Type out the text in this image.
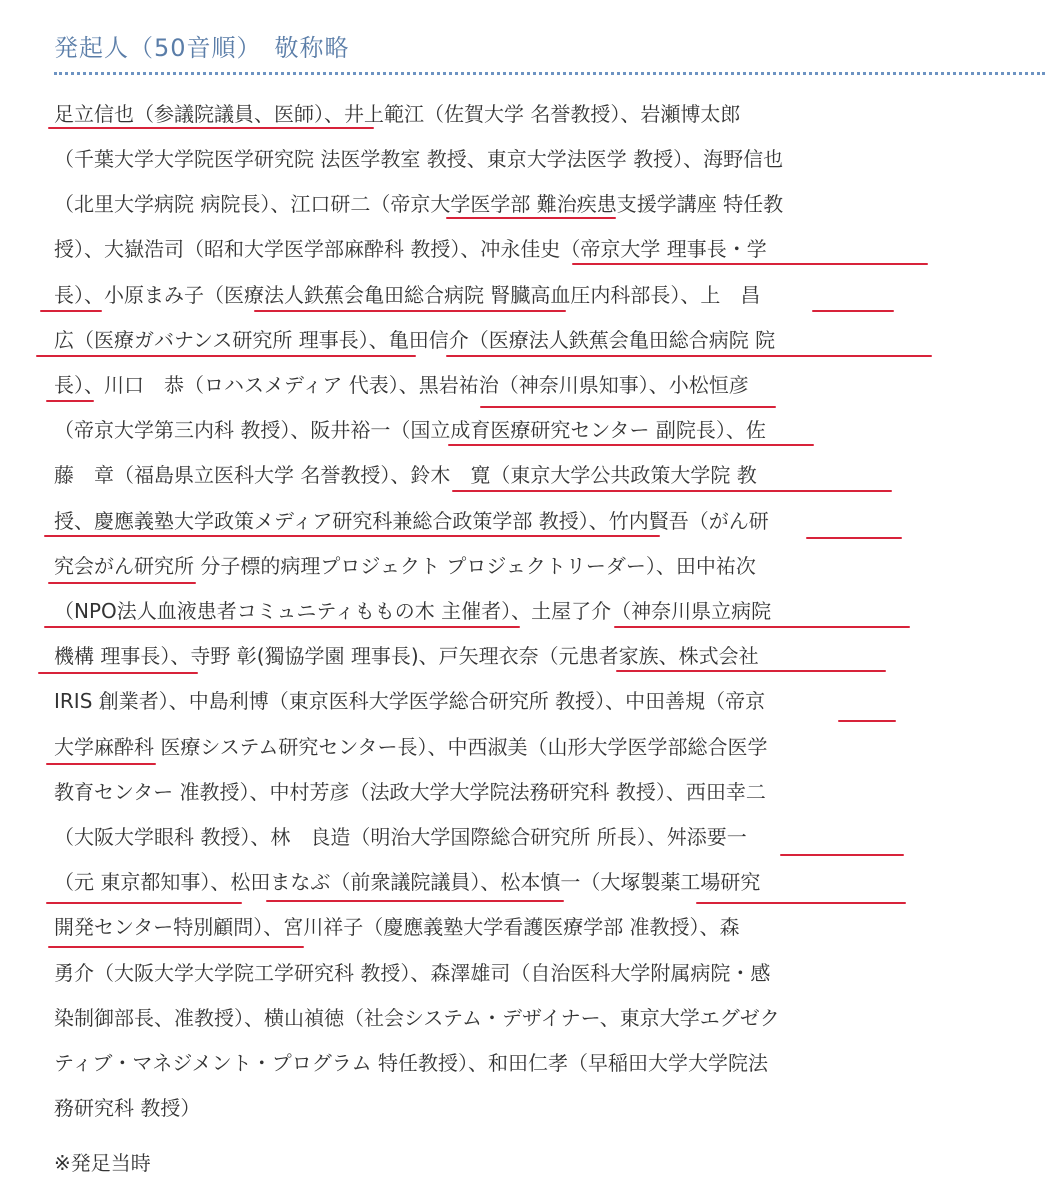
発起人（50音順）　敬称略
足立信也（参議院議員、医師）、井上範江（佐賀大学 名誉教授）、岩瀬博太郎
（千葉大学大学院医学研究院 法医学教室 教授、東京大学法医学 教授）、海野信也
（北里大学病院 病院長）、江口研二（帝京大学医学部 難治疾患支援学講座 特任教
授）、大嶽浩司（昭和大学医学部麻酔科 教授）、冲永佳史（帝京大学 理事長・学
長）、小原まみ子（医療法人鉄蕉会亀田総合病院 腎臓高血圧内科部長）、上　昌
広（医療ガバナンス研究所 理事長）、亀田信介（医療法人鉄蕉会亀田総合病院 院
長）、川口　恭（ロハスメディア 代表）、黒岩祐治（神奈川県知事）、小松恒彦
（帝京大学第三内科 教授）、阪井裕一（国立成育医療研究センター 副院長）、佐
藤　章（福島県立医科大学 名誉教授）、鈴木　寛（東京大学公共政策大学院 教
授、慶應義塾大学政策メディア研究科兼総合政策学部 教授）、竹内賢吾（がん研
究会がん研究所 分子標的病理プロジェクト プロジェクトリーダー）、田中祐次
（NPO法人血液患者コミュニティももの木 主催者）、土屋了介（神奈川県立病院
機構 理事長）、寺野 彰(獨協学園 理事長)、戸矢理衣奈（元患者家族、株式会社
IRIS 創業者）、中島利博（東京医科大学医学総合研究所 教授）、中田善規（帝京
大学麻酔科 医療システム研究センター長）、中西淑美（山形大学医学部総合医学
教育センター 准教授）、中村芳彦（法政大学大学院法務研究科 教授）、西田幸二
（大阪大学眼科 教授）、林　良造（明治大学国際総合研究所 所長）、舛添要一
（元 東京都知事）、松田まなぶ（前衆議院議員）、松本慎一（大塚製薬工場研究
開発センター特別顧問）、宮川祥子（慶應義塾大学看護医療学部 准教授）、森
勇介（大阪大学大学院工学研究科 教授）、森澤雄司（自治医科大学附属病院・感
染制御部長、准教授）、横山禎徳（社会システム・デザイナー、東京大学エグゼク
ティブ・マネジメント・プログラム 特任教授）、和田仁孝（早稲田大学大学院法
務研究科 教授）
※発足当時
